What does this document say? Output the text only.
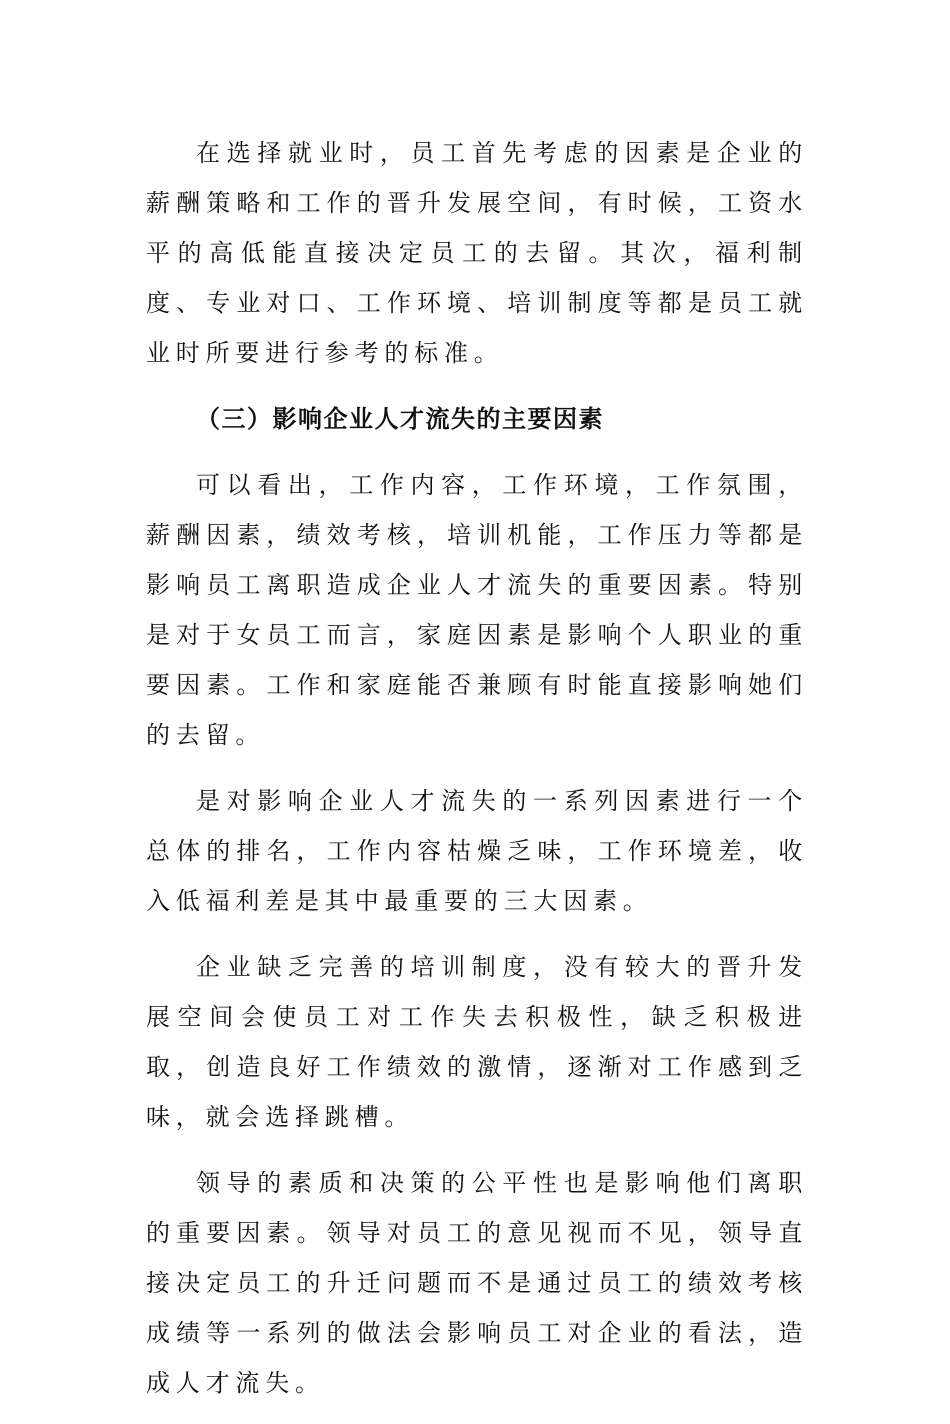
在选择就业时，员工首先考虑的因素是企业的薪酬策略和工作的晋升发展空间，有时候，工资水平的高低能直接决定员工的去留。其次，福利制度、专业对口、工作环境、培训制度等都是员工就业时所要进行参考的标准。

（三）影响企业人才流失的主要因素

可以看出，工作内容，工作环境，工作氛围，薪酬因素，绩效考核，培训机能，工作压力等都是影响员工离职造成企业人才流失的重要因素。特别是对于女员工而言，家庭因素是影响个人职业的重要因素。工作和家庭能否兼顾有时能直接影响她们的去留。

是对影响企业人才流失的一系列因素进行一个总体的排名，工作内容枯燥乏味，工作环境差，收入低福利差是其中最重要的三大因素。

企业缺乏完善的培训制度，没有较大的晋升发展空间会使员工对工作失去积极性，缺乏积极进取，创造良好工作绩效的激情，逐渐对工作感到乏味，就会选择跳槽。

领导的素质和决策的公平性也是影响他们离职的重要因素。领导对员工的意见视而不见，领导直接决定员工的升迁问题而不是通过员工的绩效考核成绩等一系列的做法会影响员工对企业的看法，造成人才流失。
